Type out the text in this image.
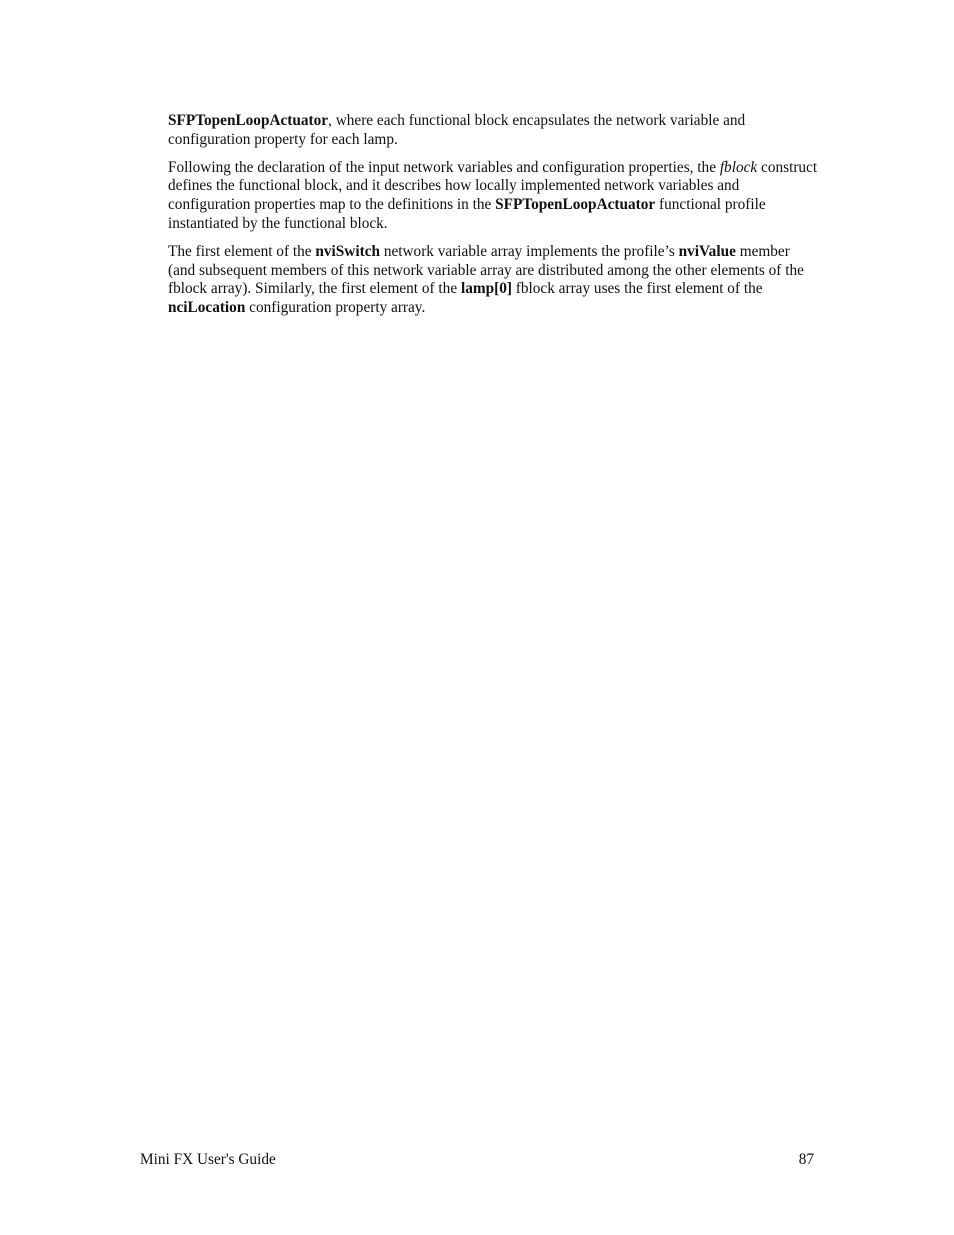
SFPTopenLoopActuator, where each functional block encapsulates the network variable and configuration property for each lamp.

Following the declaration of the input network variables and configuration properties, the fblock construct defines the functional block, and it describes how locally implemented network variables and configuration properties map to the definitions in the SFPTopenLoopActuator functional profile instantiated by the functional block.

The first element of the nviSwitch network variable array implements the profile’s nviValue member (and subsequent members of this network variable array are distributed among the other elements of the fblock array). Similarly, the first element of the lamp[0] fblock array uses the first element of the nciLocation configuration property array.

Mini FX User's Guide	87
